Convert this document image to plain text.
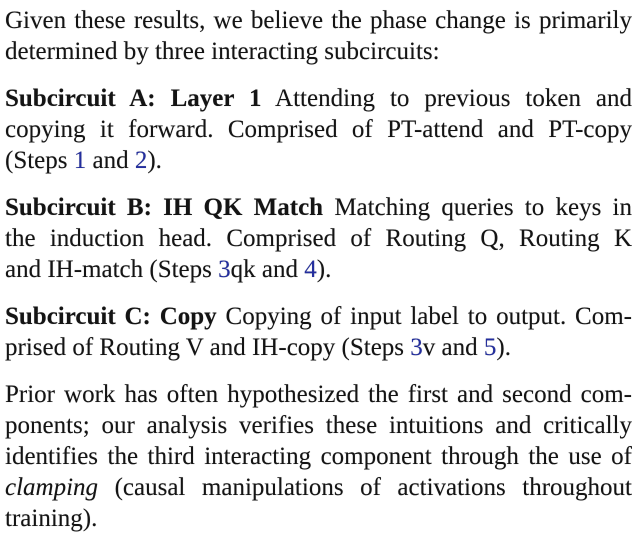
Given these results, we believe the phase change is primarily
determined by three interacting subcircuits:
Subcircuit A: Layer 1 Attending to previous token and
copying it forward. Comprised of PT-attend and PT-copy
(Steps 1 and 2).
Subcircuit B: IH QK Match Matching queries to keys in
the induction head. Comprised of Routing Q, Routing K
and IH-match (Steps 3qk and 4).
Subcircuit C: Copy Copying of input label to output. Com-
prised of Routing V and IH-copy (Steps 3v and 5).
Prior work has often hypothesized the first and second com-
ponents; our analysis verifies these intuitions and critically
identifies the third interacting component through the use of
clamping (causal manipulations of activations throughout
training).
